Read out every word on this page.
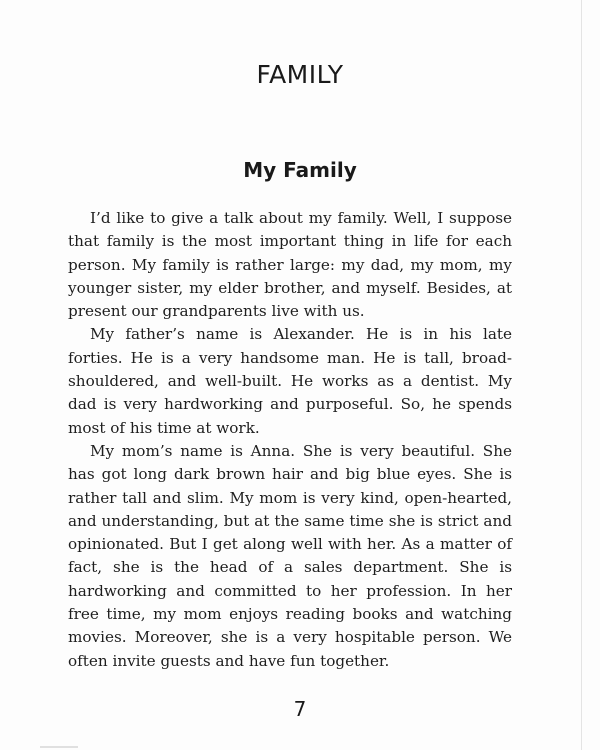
FAMILY
My Family

I’d like to give a talk about my family. Well, I suppose that family is the most important thing in life for each person. My family is rather large: my dad, my mom, my younger sister, my elder brother, and myself. Besides, at present our grandparents live with us.

My father’s name is Alexander. He is in his late forties. He is a very handsome man. He is tall, broad-shouldered, and well-built. He works as a dentist. My dad is very hardworking and purposeful. So, he spends most of his time at work.

My mom’s name is Anna. She is very beautiful. She has got long dark brown hair and big blue eyes. She is rather tall and slim. My mom is very kind, open-hearted, and understanding, but at the same time she is strict and opinionated. But I get along well with her. As a matter of fact, she is the head of a sales department. She is hardworking and committed to her profession. In her free time, my mom enjoys reading books and watching movies. Moreover, she is a very hospitable person. We often invite guests and have fun together.

7
